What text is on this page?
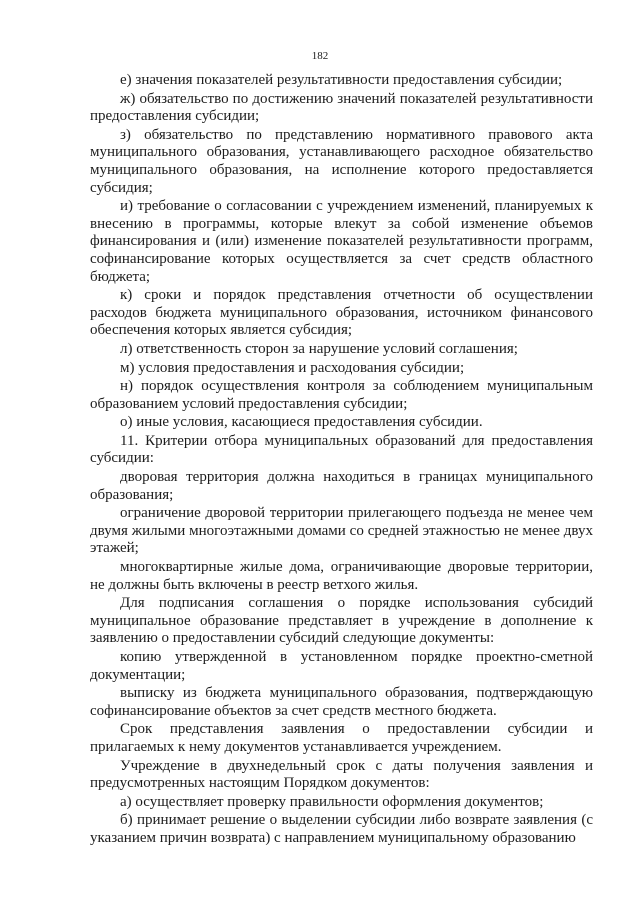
182

е) значения показателей результативности предоставления субсидии;

ж) обязательство по достижению значений показателей результативности предоставления субсидии;

з) обязательство по представлению нормативного правового акта муниципального образования, устанавливающего расходное обязательство муниципального образования, на исполнение которого предоставляется субсидия;

и) требование о согласовании с учреждением изменений, планируемых к внесению в программы, которые влекут за собой изменение объемов финансирования и (или) изменение показателей результативности программ, софинансирование которых осуществляется за счет средств областного бюджета;

к) сроки и порядок представления отчетности об осуществлении расходов бюджета муниципального образования, источником финансового обеспечения которых является субсидия;

л) ответственность сторон за нарушение условий соглашения;

м) условия предоставления и расходования субсидии;

н) порядок осуществления контроля за соблюдением муниципальным образованием условий предоставления субсидии;

о) иные условия, касающиеся предоставления субсидии.

11. Критерии отбора муниципальных образований для предоставления субсидии:

дворовая территория должна находиться в границах муниципального образования;

ограничение дворовой территории прилегающего подъезда не менее чем двумя жилыми многоэтажными домами со средней этажностью не менее двух этажей;

многоквартирные жилые дома, ограничивающие дворовые территории, не должны быть включены в реестр ветхого жилья.

Для подписания соглашения о порядке использования субсидий муниципальное образование представляет в учреждение в дополнение к заявлению о предоставлении субсидий следующие документы:

копию утвержденной в установленном порядке проектно-сметной документации;

выписку из бюджета муниципального образования, подтверждающую софинансирование объектов за счет средств местного бюджета.

Срок представления заявления о предоставлении субсидии и прилагаемых к нему документов устанавливается учреждением.

Учреждение в двухнедельный срок с даты получения заявления и предусмотренных настоящим Порядком документов:

а) осуществляет проверку правильности оформления документов;

б) принимает решение о выделении субсидии либо возврате заявления (с указанием причин возврата) с направлением муниципальному образованию
